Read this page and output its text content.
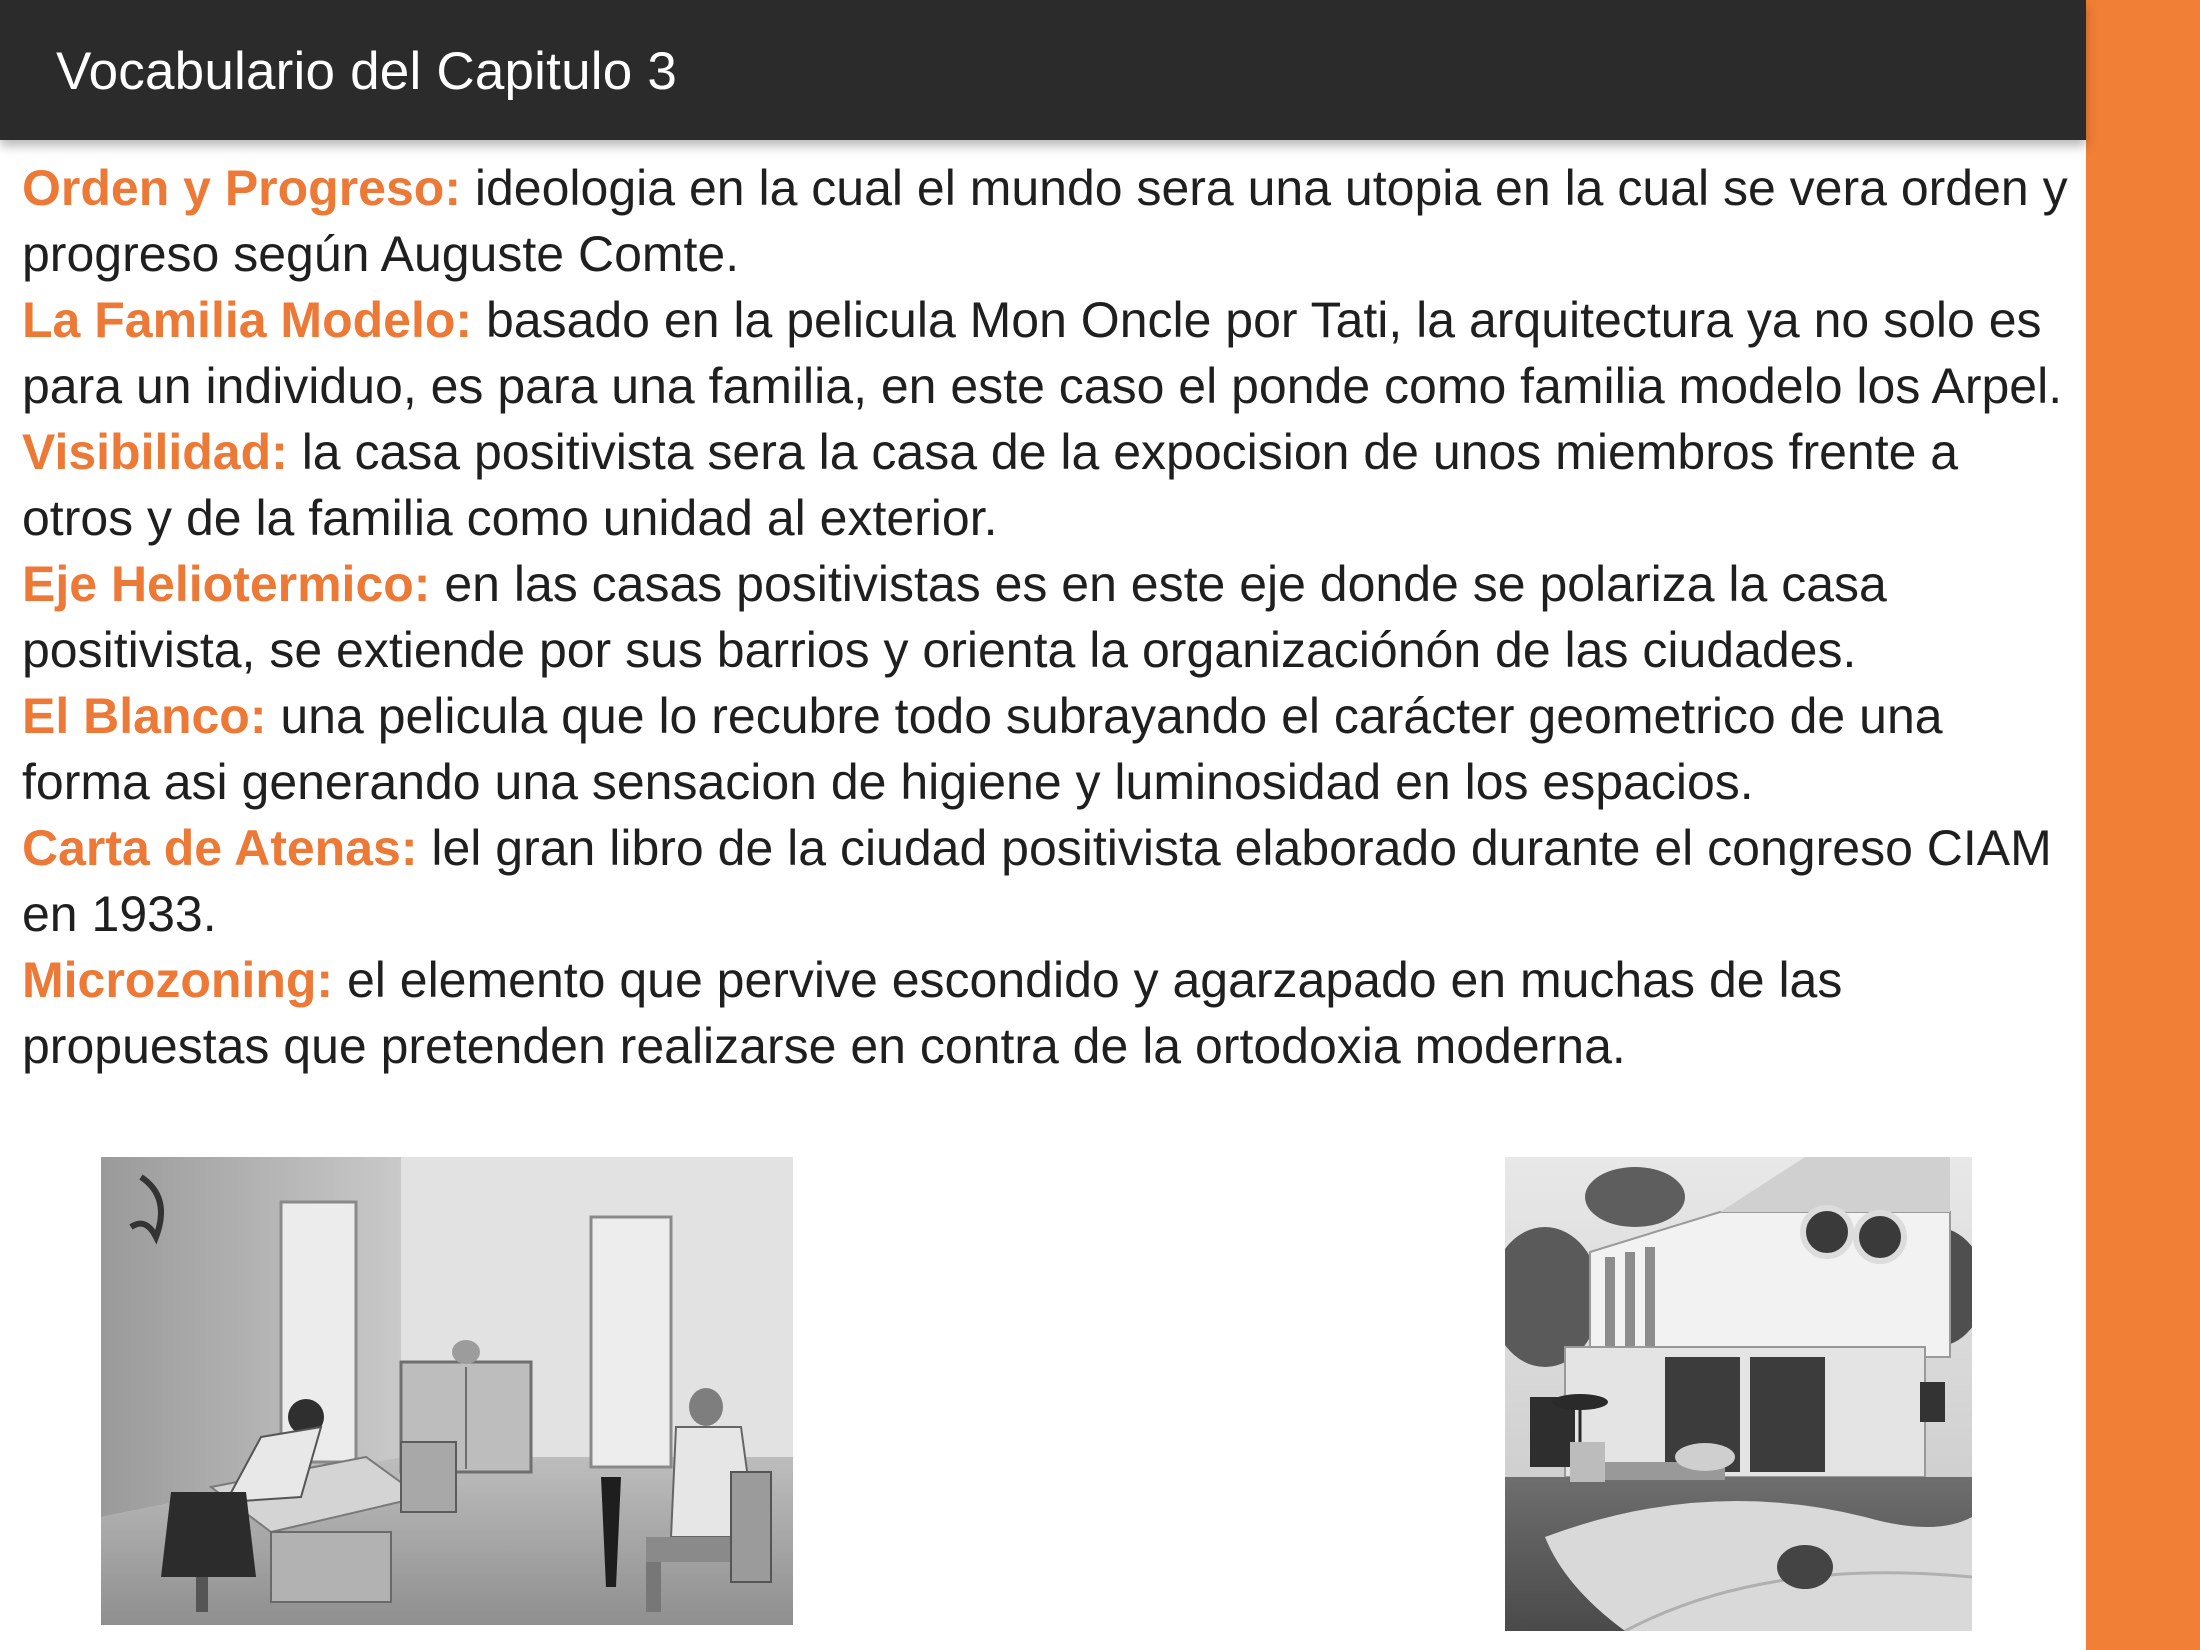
Vocabulario del Capitulo 3

Orden y Progreso: ideologia en la cual el mundo sera una utopia en la cual se vera orden y progreso según Auguste Comte.

La Familia Modelo: basado en la pelicula Mon Oncle por Tati, la arquitectura ya no solo es para un individuo, es para una familia, en este caso el ponde como familia modelo los Arpel.

Visibilidad: la casa positivista sera la casa de la expocision de unos miembros frente a otros y de la familia como unidad al exterior.

Eje Heliotermico: en las casas positivistas es en este eje donde se polariza la casa positivista, se extiende por sus barrios y orienta la organizaciónón de las ciudades.

El Blanco: una pelicula que lo recubre todo subrayando el carácter geometrico de una forma asi generando una sensacion de higiene y luminosidad en los espacios.

Carta de Atenas: lel gran libro de la ciudad positivista elaborado durante el congreso CIAM en 1933.

Microzoning: el elemento que pervive escondido y agarzapado en muchas de las propuestas que pretenden realizarse en contra de la ortodoxia moderna.
